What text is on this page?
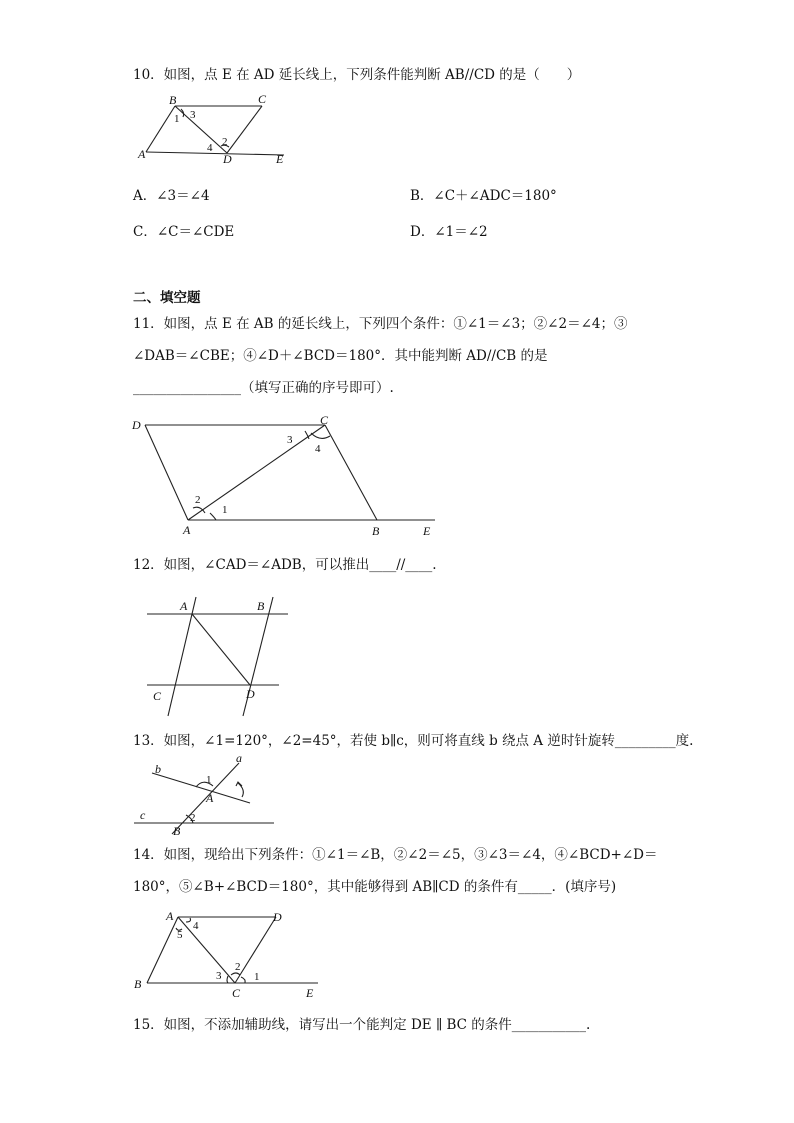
10．如图，点 E 在 AD 延长线上，下列条件能判断 AB//CD 的是（　　）
B	C
A	D	E
1 3
2
4
A．∠3＝∠4	B．∠C＋∠ADC＝180°
C．∠C＝∠CDE	D．∠1＝∠2
二、填空题
11．如图，点 E 在 AB 的延长线上，下列四个条件：①∠1＝∠3；②∠2＝∠4；③
∠DAB＝∠CBE；④∠D＋∠BCD＝180°．其中能判断 AD//CB 的是
________________（填写正确的序号即可）.
D	C
A	B	E
2
1
3
4
12．如图，∠CAD＝∠ADB，可以推出____//____.
A	B
C	D
13．如图，∠1=120°，∠2=45°，若使 b∥c，则可将直线 b 绕点 A 逆时针旋转_________度.
a
b
c
A
B
1
2
14．如图，现给出下列条件：①∠1＝∠B，②∠2＝∠5，③∠3＝∠4，④∠BCD+∠D＝
180°，⑤∠B+∠BCD＝180°，其中能够得到 AB∥CD 的条件有_____．(填序号)
A	D
B
C	E
4
5
3
2
1
15．如图，不添加辅助线，请写出一个能判定 DE ∥ BC 的条件___________.
